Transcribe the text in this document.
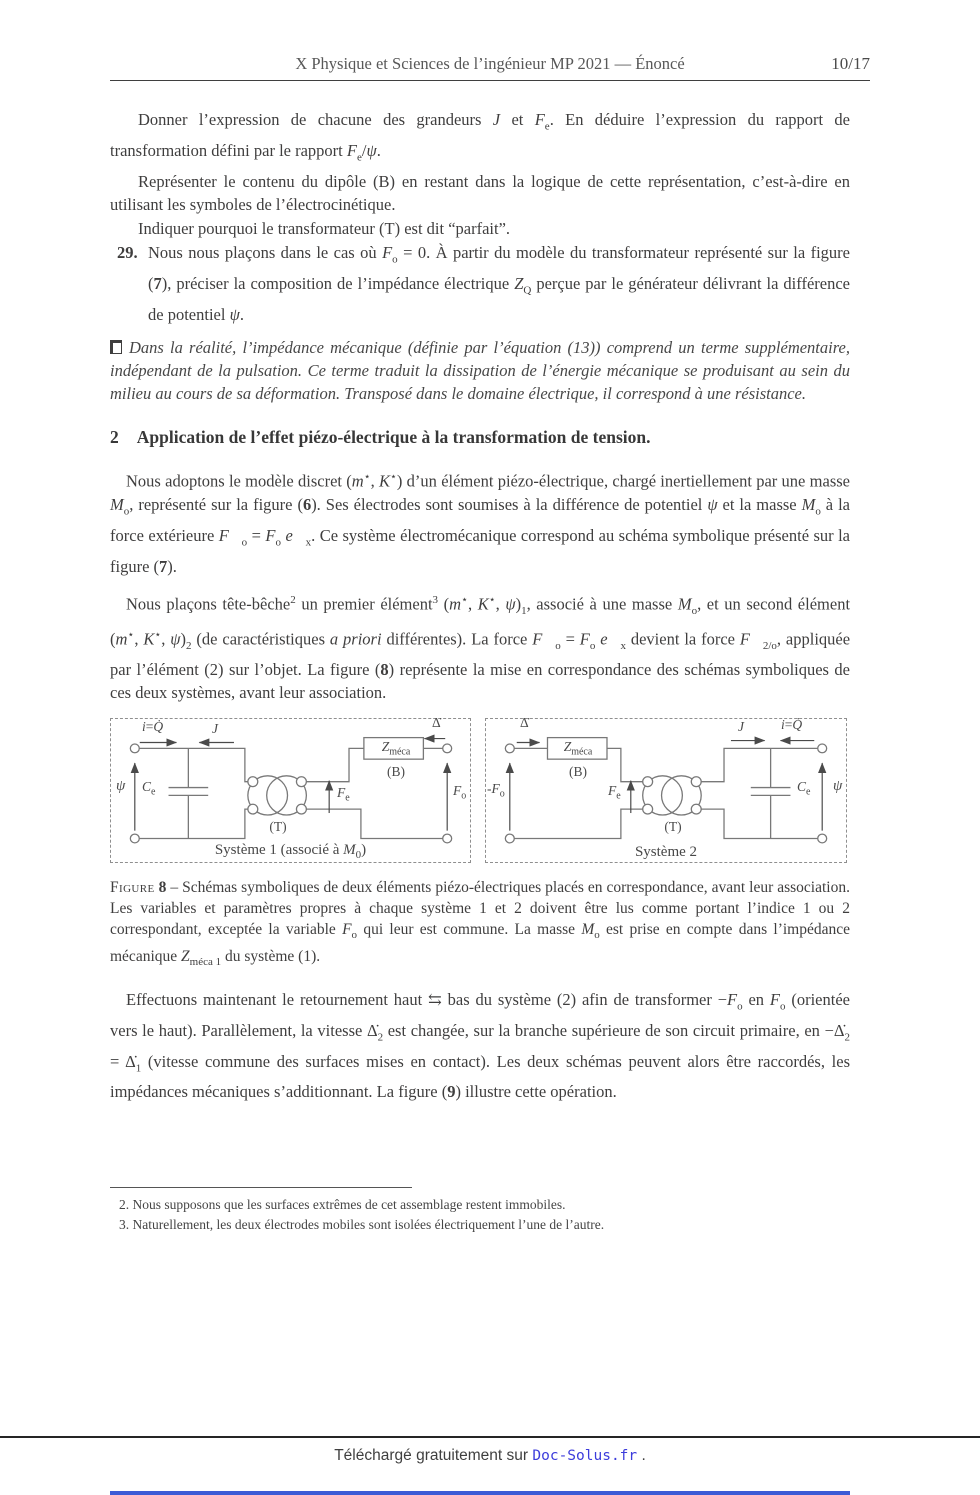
X Physique et Sciences de l’ingénieur MP 2021 — Énoncé	10/17

Donner l’expression de chacune des grandeurs J et $F_e$. En déduire l’expression du rapport de transformation défini par le rapport $F_e/\psi$.

Représenter le contenu du dipôle (B) en restant dans la logique de cette représentation, c’est-à-dire en utilisant les symboles de l’électrocinétique.

Indiquer pourquoi le transformateur (T) est dit “parfait”.

29. Nous nous plaçons dans le cas où $F_o = 0$. À partir du modèle du transformateur représenté sur la figure (7), préciser la composition de l’impédance électrique $Z_Q$ perçue par le générateur délivrant la différence de potentiel ψ.

Dans la réalité, l’impédance mécanique (définie par l’équation (13)) comprend un terme supplémentaire, indépendant de la pulsation. Ce terme traduit la dissipation de l’énergie mécanique se produisant au sein du milieu au cours de sa déformation. Transposé dans le domaine électrique, il correspond à une résistance.

2 Application de l’effet piézo-électrique à la transformation de tension.

Nous adoptons le modèle discret (m⋆, K⋆) d’un élément piézo-électrique, chargé inertiellement par une masse $M_o$, représenté sur la figure (6). Ses électrodes sont soumises à la différence de potentiel ψ et la masse $M_o$ à la force extérieure $F⃗_o = F_o$ $e⃗_x$. Ce système électromécanique correspond au schéma symbolique présenté sur la figure (7).

Nous plaçons tête-bêche$^2$ un premier élément$^3$ (m⋆, K⋆, $\psi)_1$, associé à une masse $M_o$, et un second élément (m⋆, K⋆, $\psi)_2$ (de caractéristiques a priori différentes). La force $F⃗_o = F_o$ $e⃗_x$ devient la force $F⃗_{2/o}$, appliquée par l’élément (2) sur l’objet. La figure (8) représente la mise en correspondance des schémas symboliques de ces deux systèmes, avant leur association.

i=Q̇	J
ψ $C_e$
$Z_{méca}$
(B)
(T)
$F_e$
$F_o$
Δ̇
Système 1 (associé à $M_0$)
Δ̇
$-F_o$
$Z_{méca}$
(B)
$F_e$
(T)
J	i=Q̇
$C_e$ ψ
Système 2

Figure 8 – Schémas symboliques de deux éléments piézo-électriques placés en correspondance, avant leur association. Les variables et paramètres propres à chaque système 1 et 2 doivent être lus comme portant l’indice 1 ou 2 correspondant, exceptée la variable $F_o$ qui leur est commune. La masse $M_o$ est prise en compte dans l’impédance mécanique $Z_{méca 1}$ du système (1).

Effectuons maintenant le retournement haut ⇆ bas du système (2) afin de transformer $-F_o$ en $F_o$ (orientée vers le haut). Parallèlement, la vitesse $\Deltȧ_2$ est changée, sur la branche supérieure de son circuit primaire, en $-\Deltȧ_2$ = $\Deltȧ_1$ (vitesse commune des surfaces mises en contact). Les deux schémas peuvent alors être raccordés, les impédances mécaniques s’additionnant. La figure (9) illustre cette opération.

2. Nous supposons que les surfaces extrêmes de cet assemblage restent immobiles.

3. Naturellement, les deux électrodes mobiles sont isolées électriquement l’une de l’autre.

Téléchargé gratuitement sur Doc-Solus.fr .
